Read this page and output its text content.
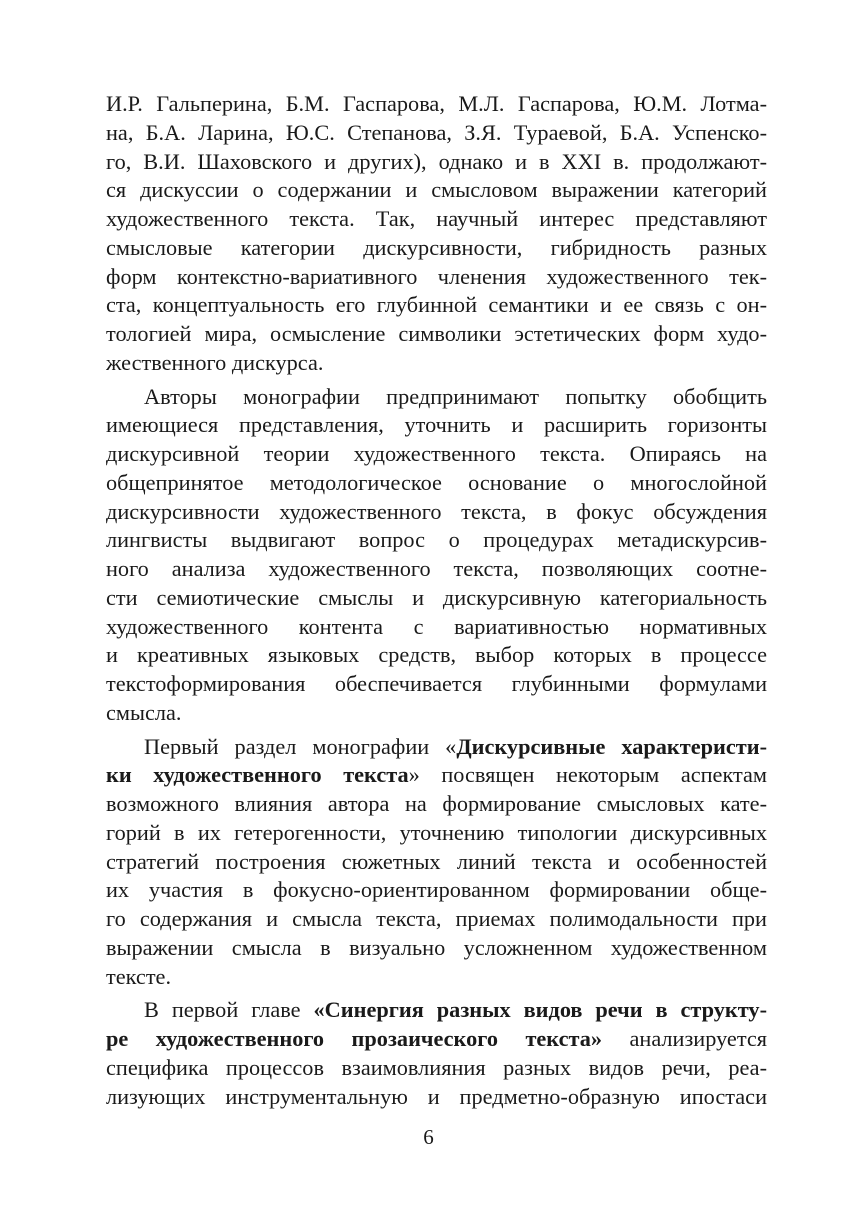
И.Р. Гальперина, Б.М. Гаспарова, М.Л. Гаспарова, Ю.М. Лотма-
на, Б.А. Ларина, Ю.С. Степанова, З.Я. Тураевой, Б.А. Успенско-
го, В.И. Шаховского и других), однако и в XXI в. продолжают-
ся дискуссии о содержании и смысловом выражении категорий
художественного текста. Так, научный интерес представляют
смысловые категории дискурсивности, гибридность разных
форм контекстно-вариативного членения художественного тек-
ста, концептуальность его глубинной семантики и ее связь с он-
тологией мира, осмысление символики эстетических форм худо-
жественного дискурса.
Авторы монографии предпринимают попытку обобщить
имеющиеся представления, уточнить и расширить горизонты
дискурсивной теории художественного текста. Опираясь на
общепринятое методологическое основание о многослойной
дискурсивности художественного текста, в фокус обсуждения
лингвисты выдвигают вопрос о процедурах метадискурсив-
ного анализа художественного текста, позволяющих соотне-
сти семиотические смыслы и дискурсивную категориальность
художественного контента с вариативностью нормативных
и креативных языковых средств, выбор которых в процессе
текстоформирования обеспечивается глубинными формулами
смысла.
Первый раздел монографии «Дискурсивные характеристи-
ки художественного текста» посвящен некоторым аспектам
возможного влияния автора на формирование смысловых кате-
горий в их гетерогенности, уточнению типологии дискурсивных
стратегий построения сюжетных линий текста и особенностей
их участия в фокусно-ориентированном формировании обще-
го содержания и смысла текста, приемах полимодальности при
выражении смысла в визуально усложненном художественном
тексте.
В первой главе «Синергия разных видов речи в структу-
ре художественного прозаического текста» анализируется
специфика процессов взаимовлияния разных видов речи, реа-
лизующих инструментальную и предметно-образную ипостаси
6
